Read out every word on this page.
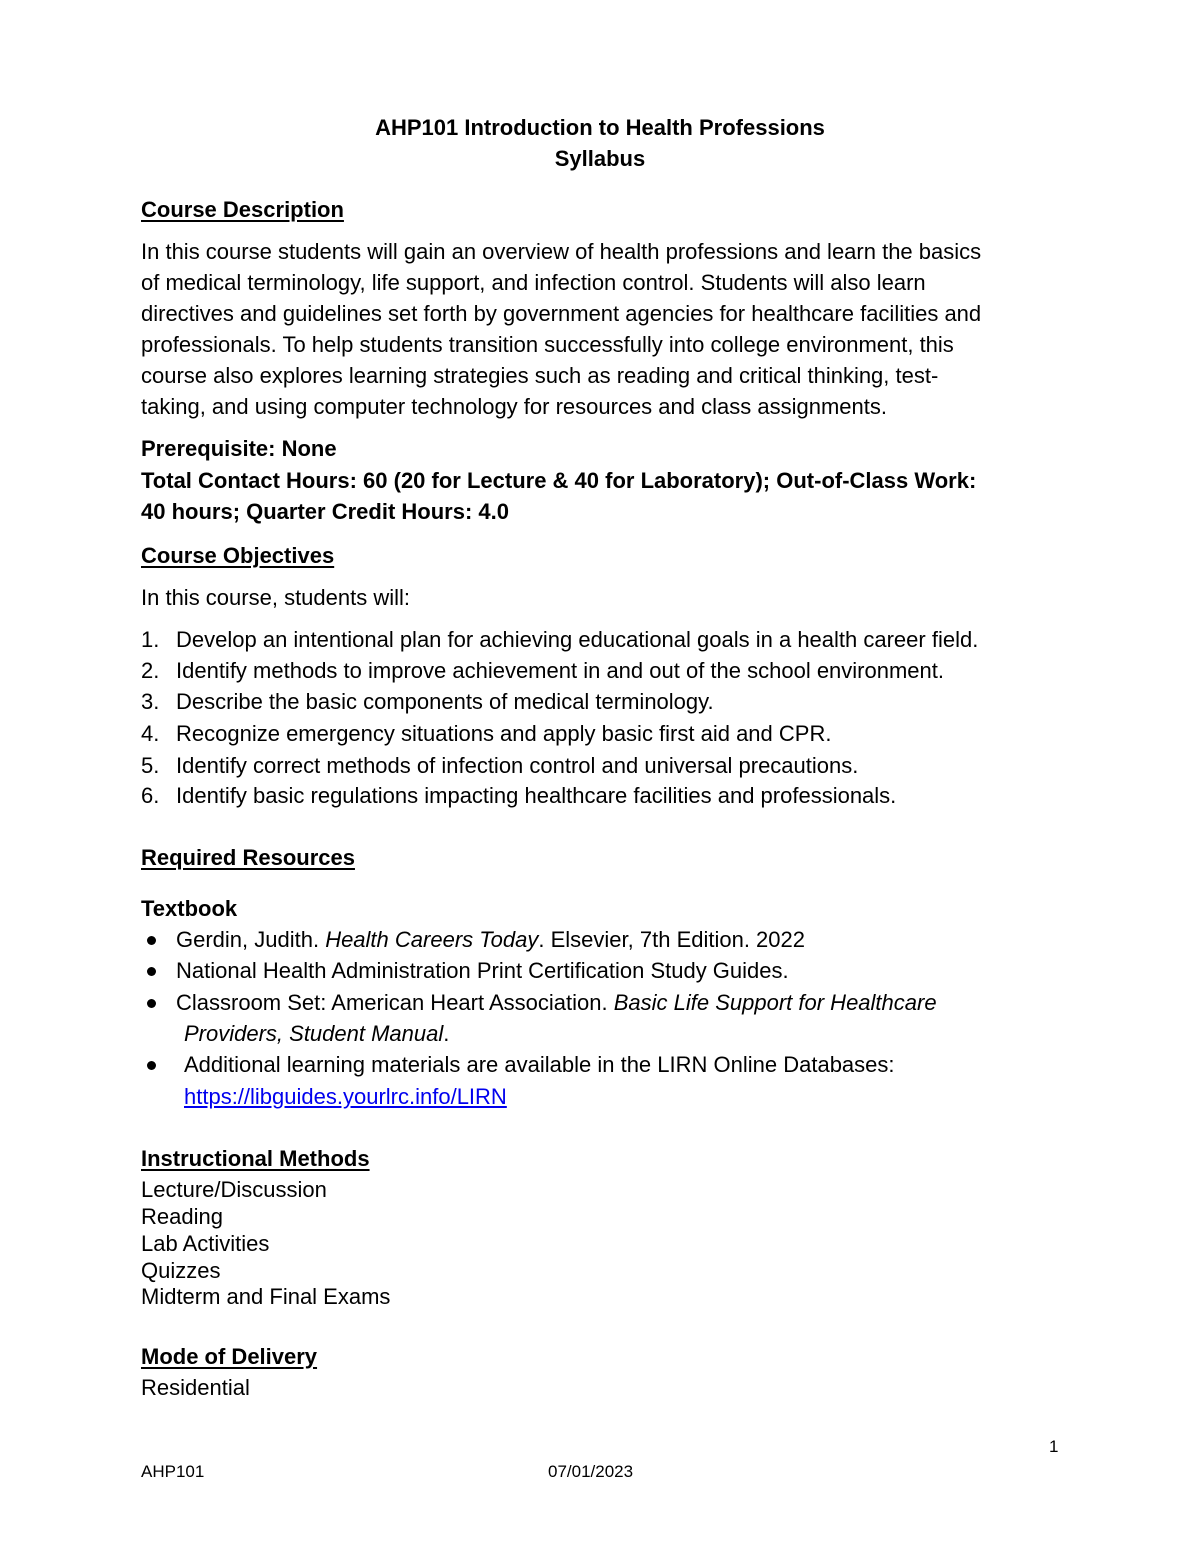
AHP101 Introduction to Health Professions
Syllabus
Course Description
In this course students will gain an overview of health professions and learn the basics
of medical terminology, life support, and infection control. Students will also learn
directives and guidelines set forth by government agencies for healthcare facilities and
professionals. To help students transition successfully into college environment, this
course also explores learning strategies such as reading and critical thinking, test-
taking, and using computer technology for resources and class assignments.
Prerequisite: None
Total Contact Hours: 60 (20 for Lecture & 40 for Laboratory); Out-of-Class Work:
40 hours; Quarter Credit Hours: 4.0
Course Objectives
In this course, students will:
1. Develop an intentional plan for achieving educational goals in a health career field.
2. Identify methods to improve achievement in and out of the school environment.
3. Describe the basic components of medical terminology.
4. Recognize emergency situations and apply basic first aid and CPR.
5. Identify correct methods of infection control and universal precautions.
6. Identify basic regulations impacting healthcare facilities and professionals.
Required Resources
Textbook
Gerdin, Judith. Health Careers Today. Elsevier, 7th Edition. 2022
National Health Administration Print Certification Study Guides.
Classroom Set: American Heart Association. Basic Life Support for Healthcare
Providers, Student Manual.
Additional learning materials are available in the LIRN Online Databases:
https://libguides.yourlrc.info/LIRN
Instructional Methods
Lecture/Discussion
Reading
Lab Activities
Quizzes
Midterm and Final Exams
Mode of Delivery
Residential
1
AHP101	07/01/2023
